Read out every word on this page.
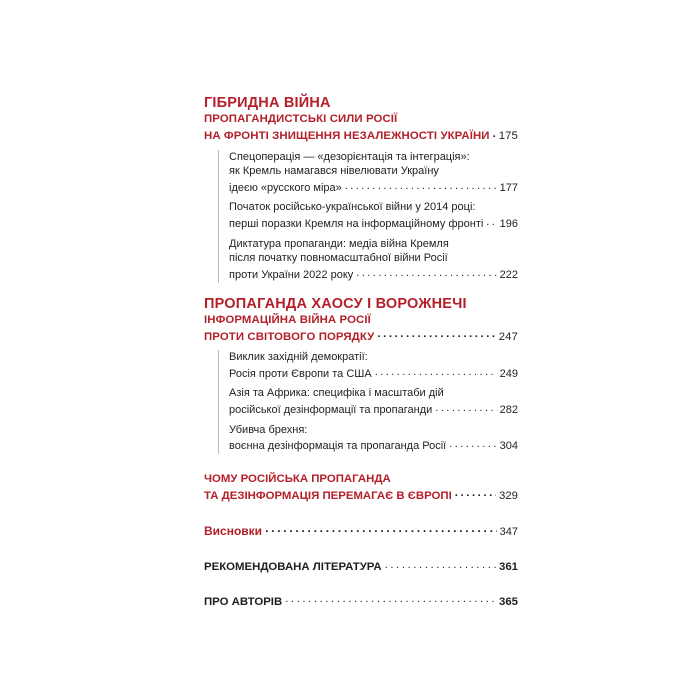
ГІБРИДНА ВІЙНА
ПРОПАГАНДИСТСЬКІ СИЛИ РОСІЇ
НА ФРОНТІ ЗНИЩЕННЯ НЕЗАЛЕЖНОСТІ УКРАЇНИ . . . 175
Спецоперація — «дезорієнтація та інтеграція»:
як Кремль намагався нівелювати Україну
ідеєю «русского міра» . . .	177
Початок російсько-української війни у 2014 році:
перші поразки Кремля на інформаційному фронті . . . 196
Диктатура пропаганди: медіа війна Кремля
після початку повномасштабної війни Росії
проти України 2022 року . . .	222
ПРОПАГАНДА ХАОСУ І ВОРОЖНЕЧІ
ІНФОРМАЦІЙНА ВІЙНА РОСІЇ
ПРОТИ СВІТОВОГО ПОРЯДКУ . . .	247
Виклик західній демократії:
Росія проти Європи та США . . .	249
Азія та Африка: специфіка і масштаби дій
російської дезінформації та пропаганди . . .	282
Убивча брехня:
воєнна дезінформація та пропаганда Росії . . .	304
ЧОМУ РОСІЙСЬКА ПРОПАГАНДА
ТА ДЕЗІНФОРМАЦІЯ ПЕРЕМАГАЄ В ЄВРОПІ . . .	329
Висновки . . .	347
РЕКОМЕНДОВАНА ЛІТЕРАТУРА . . .	361
ПРО АВТОРІВ . . .	365
